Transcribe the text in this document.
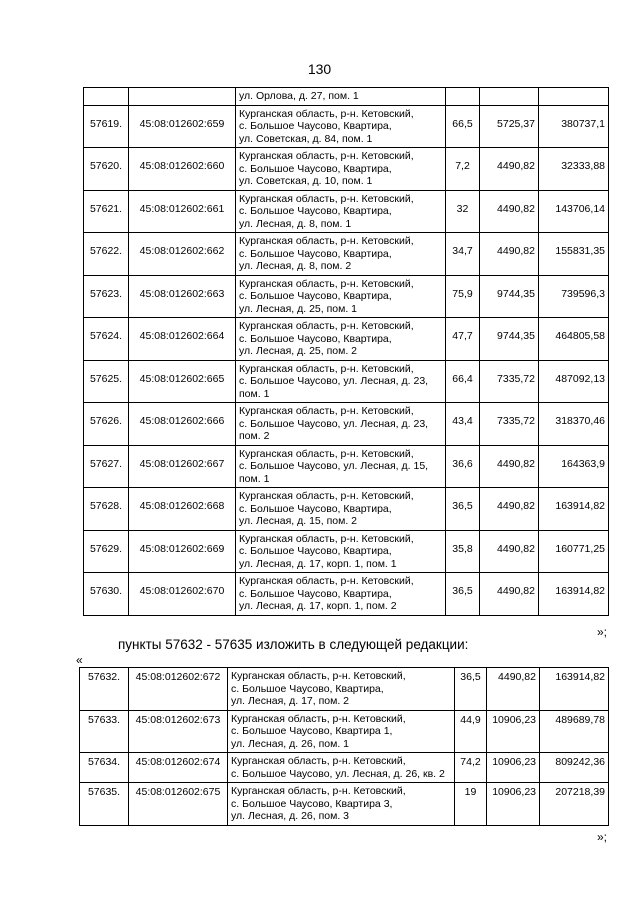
130
		ул. Орлова, д. 27, пом. 1			
57619.	45:08:012602:659	Курганская область, р-н. Кетовский,
с. Большое Чаусово, Квартира,
ул. Советская, д. 84, пом. 1	66,5	5725,37	380737,1
57620.	45:08:012602:660	Курганская область, р-н. Кетовский,
с. Большое Чаусово, Квартира,
ул. Советская, д. 10, пом. 1	7,2	4490,82	32333,88
57621.	45:08:012602:661	Курганская область, р-н. Кетовский,
с. Большое Чаусово, Квартира,
ул. Лесная, д. 8, пом. 1	32	4490,82	143706,14
57622.	45:08:012602:662	Курганская область, р-н. Кетовский,
с. Большое Чаусово, Квартира,
ул. Лесная, д. 8, пом. 2	34,7	4490,82	155831,35
57623.	45:08:012602:663	Курганская область, р-н. Кетовский,
с. Большое Чаусово, Квартира,
ул. Лесная, д. 25, пом. 1	75,9	9744,35	739596,3
57624.	45:08:012602:664	Курганская область, р-н. Кетовский,
с. Большое Чаусово, Квартира,
ул. Лесная, д. 25, пом. 2	47,7	9744,35	464805,58
57625.	45:08:012602:665	Курганская область, р-н. Кетовский,
с. Большое Чаусово, ул. Лесная, д. 23,
пом. 1	66,4	7335,72	487092,13
57626.	45:08:012602:666	Курганская область, р-н. Кетовский,
с. Большое Чаусово, ул. Лесная, д. 23,
пом. 2	43,4	7335,72	318370,46
57627.	45:08:012602:667	Курганская область, р-н. Кетовский,
с. Большое Чаусово, ул. Лесная, д. 15,
пом. 1	36,6	4490,82	164363,9
57628.	45:08:012602:668	Курганская область, р-н. Кетовский,
с. Большое Чаусово, Квартира,
ул. Лесная, д. 15, пом. 2	36,5	4490,82	163914,82
57629.	45:08:012602:669	Курганская область, р-н. Кетовский,
с. Большое Чаусово, Квартира,
ул. Лесная, д. 17, корп. 1, пом. 1	35,8	4490,82	160771,25
57630.	45:08:012602:670	Курганская область, р-н. Кетовский,
с. Большое Чаусово, Квартира,
ул. Лесная, д. 17, корп. 1, пом. 2	36,5	4490,82	163914,82
»;
пункты 57632 - 57635 изложить в следующей редакции:
«
57632.	45:08:012602:672	Курганская область, р-н. Кетовский,
с. Большое Чаусово, Квартира,
ул. Лесная, д. 17, пом. 2	36,5	4490,82	163914,82
57633.	45:08:012602:673	Курганская область, р-н. Кетовский,
с. Большое Чаусово, Квартира 1,
ул. Лесная, д. 26, пом. 1	44,9	10906,23	489689,78
57634.	45:08:012602:674	Курганская область, р-н. Кетовский,
с. Большое Чаусово, ул. Лесная, д. 26, кв. 2	74,2	10906,23	809242,36
57635.	45:08:012602:675	Курганская область, р-н. Кетовский,
с. Большое Чаусово, Квартира 3,
ул. Лесная, д. 26, пом. 3	19	10906,23	207218,39
»;
